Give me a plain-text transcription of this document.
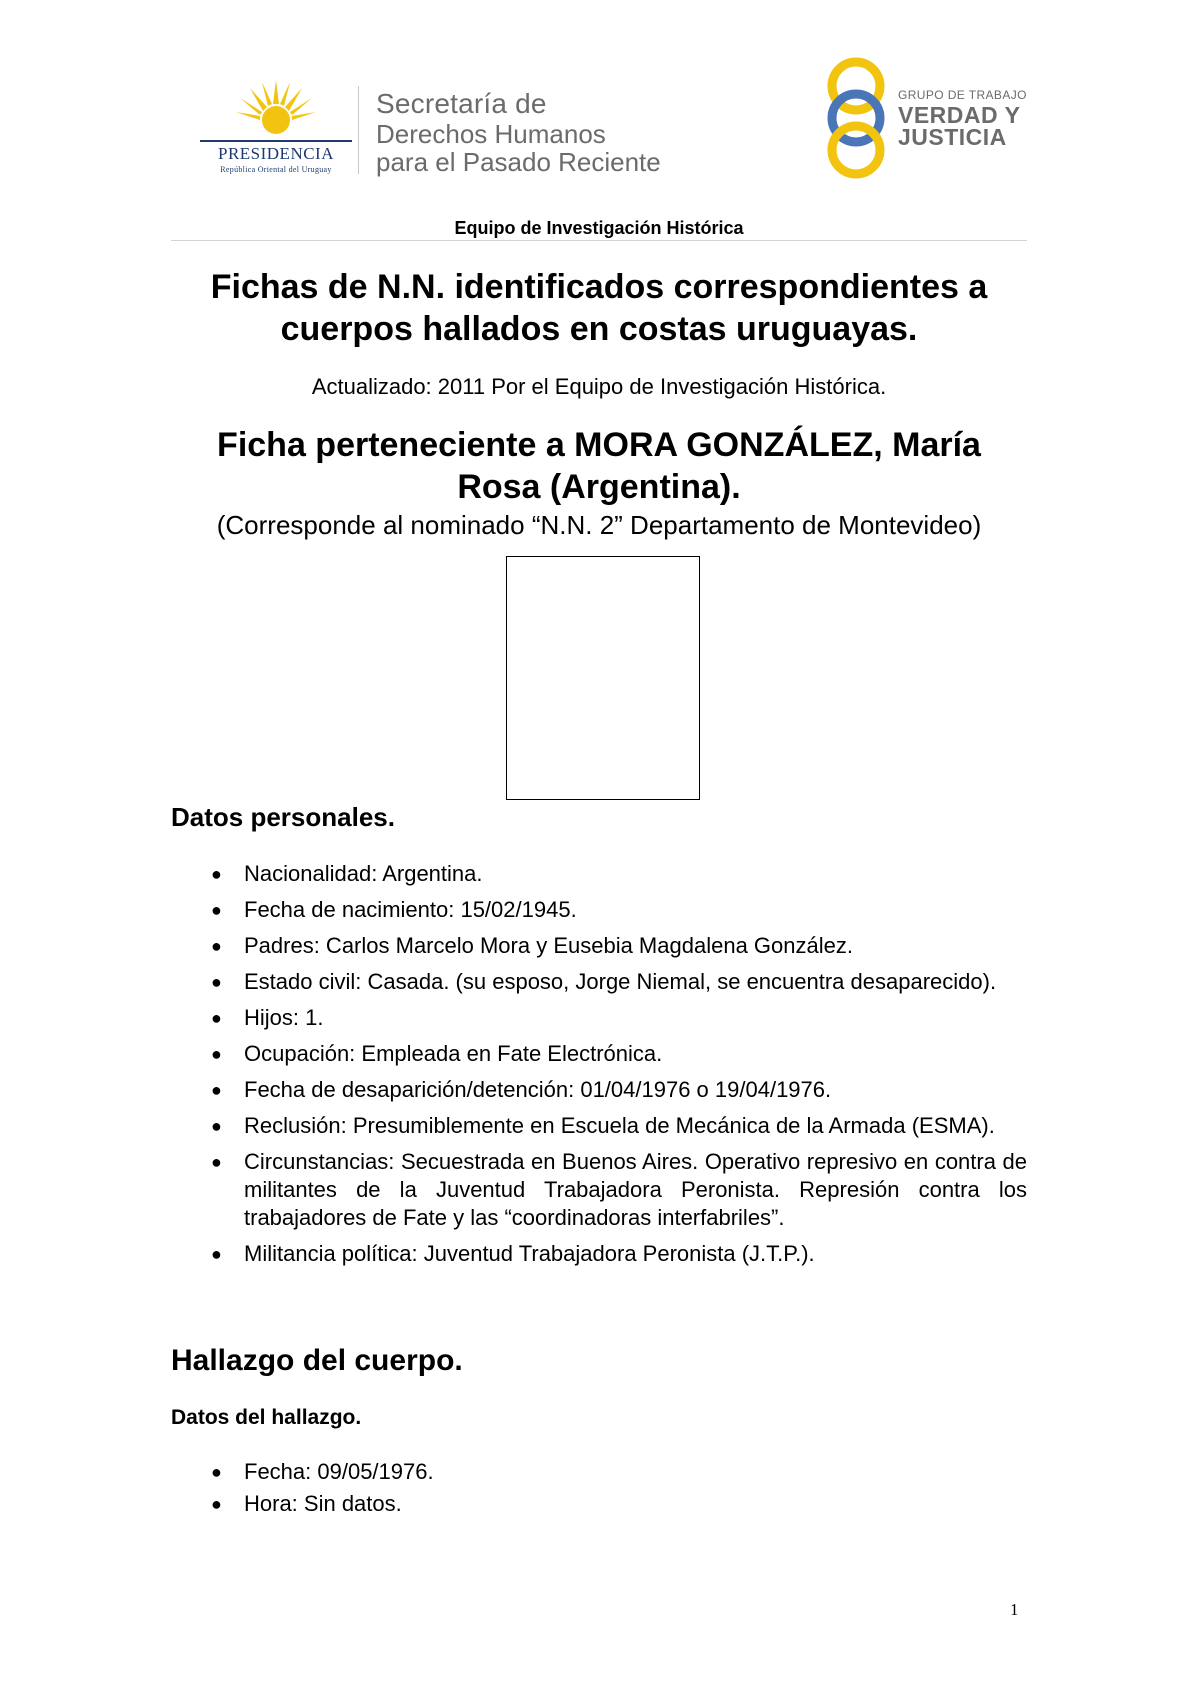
PRESIDENCIA
República Oriental del Uruguay
Secretaría de
Derechos Humanos
para el Pasado Reciente
GRUPO DE TRABAJO
VERDAD Y
JUSTICIA
Equipo de Investigación Histórica
Fichas de N.N. identificados correspondientes a
cuerpos hallados en costas uruguayas.
Actualizado: 2011 Por el Equipo de Investigación Histórica.
Ficha perteneciente a MORA GONZÁLEZ, María
Rosa (Argentina).
(Corresponde al nominado “N.N. 2” Departamento de Montevideo)
Datos personales.
● Nacionalidad: Argentina.
● Fecha de nacimiento: 15/02/1945.
● Padres: Carlos Marcelo Mora y Eusebia Magdalena González.
● Estado civil: Casada. (su esposo, Jorge Niemal, se encuentra desaparecido).
● Hijos: 1.
● Ocupación: Empleada en Fate Electrónica.
● Fecha de desaparición/detención: 01/04/1976 o 19/04/1976.
● Reclusión: Presumiblemente en Escuela de Mecánica de la Armada (ESMA).
● Circunstancias: Secuestrada en Buenos Aires. Operativo represivo en contra de militantes de la Juventud Trabajadora Peronista. Represión contra los trabajadores de Fate y las “coordinadoras interfabriles”.
● Militancia política: Juventud Trabajadora Peronista (J.T.P.).
Hallazgo del cuerpo.
Datos del hallazgo.
● Fecha: 09/05/1976.
● Hora: Sin datos.
1
